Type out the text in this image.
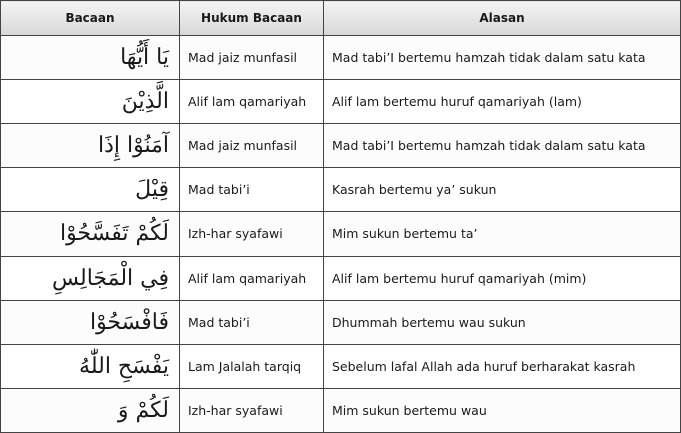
Bacaan	Hukum Bacaan	Alasan
يَا أَيُّهَا	Mad jaiz munfasil	Mad tabi’I bertemu hamzah tidak dalam satu kata
الَّذِيْنَ	Alif lam qamariyah	Alif lam bertemu huruf qamariyah (lam)
آمَنُوْا إِذَا	Mad jaiz munfasil	Mad tabi’I bertemu hamzah tidak dalam satu kata
قِيْلَ	Mad tabi’i	Kasrah bertemu ya’ sukun
لَكُمْ تَفَسَّحُوْا	Izh-har syafawi	Mim sukun bertemu ta’
فِي الْمَجَالِسِ	Alif lam qamariyah	Alif lam bertemu huruf qamariyah (mim)
فَافْسَحُوْا	Mad tabi’i	Dhummah bertemu wau sukun
يَفْسَحِ اللّٰهُ	Lam Jalalah tarqiq	Sebelum lafal Allah ada huruf berharakat kasrah
لَكُمْ وَ	Izh-har syafawi	Mim sukun bertemu wau
